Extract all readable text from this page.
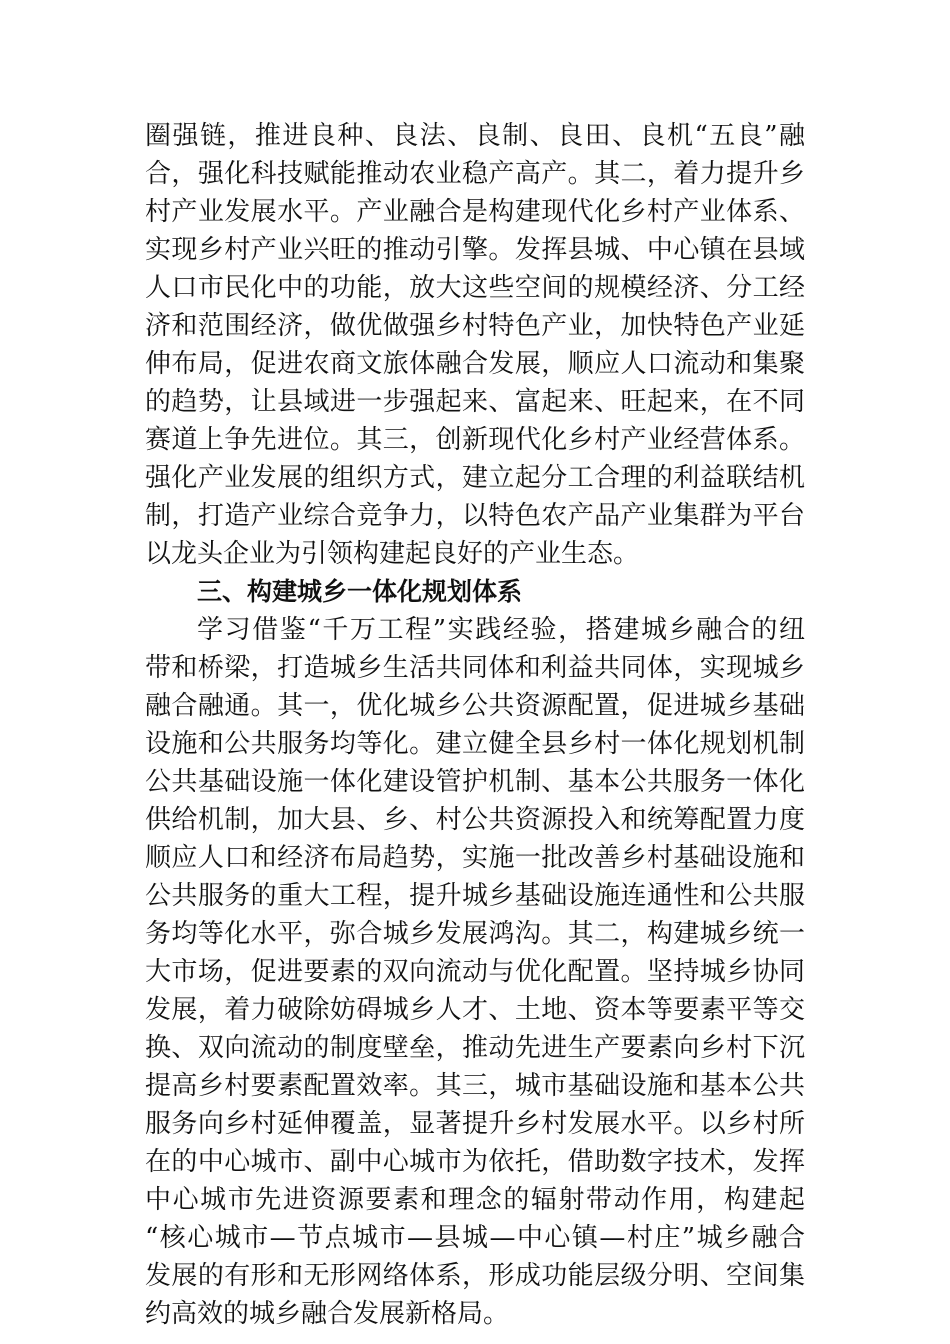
圈强链，推进良种、良法、良制、良田、良机“五良”融
合，强化科技赋能推动农业稳产高产。其二，着力提升乡
村产业发展水平。产业融合是构建现代化乡村产业体系、
实现乡村产业兴旺的推动引擎。发挥县城、中心镇在县域
人口市民化中的功能，放大这些空间的规模经济、分工经
济和范围经济，做优做强乡村特色产业，加快特色产业延
伸布局，促进农商文旅体融合发展，顺应人口流动和集聚
的趋势，让县域进一步强起来、富起来、旺起来，在不同
赛道上争先进位。其三，创新现代化乡村产业经营体系。
强化产业发展的组织方式，建立起分工合理的利益联结机
制，打造产业综合竞争力，以特色农产品产业集群为平台
以龙头企业为引领构建起良好的产业生态。
三、构建城乡一体化规划体系
学习借鉴“千万工程”实践经验，搭建城乡融合的纽
带和桥梁，打造城乡生活共同体和利益共同体，实现城乡
融合融通。其一，优化城乡公共资源配置，促进城乡基础
设施和公共服务均等化。建立健全县乡村一体化规划机制
公共基础设施一体化建设管护机制、基本公共服务一体化
供给机制，加大县、乡、村公共资源投入和统筹配置力度
顺应人口和经济布局趋势，实施一批改善乡村基础设施和
公共服务的重大工程，提升城乡基础设施连通性和公共服
务均等化水平，弥合城乡发展鸿沟。其二，构建城乡统一
大市场，促进要素的双向流动与优化配置。坚持城乡协同
发展，着力破除妨碍城乡人才、土地、资本等要素平等交
换、双向流动的制度壁垒，推动先进生产要素向乡村下沉
提高乡村要素配置效率。其三，城市基础设施和基本公共
服务向乡村延伸覆盖，显著提升乡村发展水平。以乡村所
在的中心城市、副中心城市为依托，借助数字技术，发挥
中心城市先进资源要素和理念的辐射带动作用，构建起
“核心城市—节点城市—县城—中心镇—村庄”城乡融合
发展的有形和无形网络体系，形成功能层级分明、空间集
约高效的城乡融合发展新格局。
